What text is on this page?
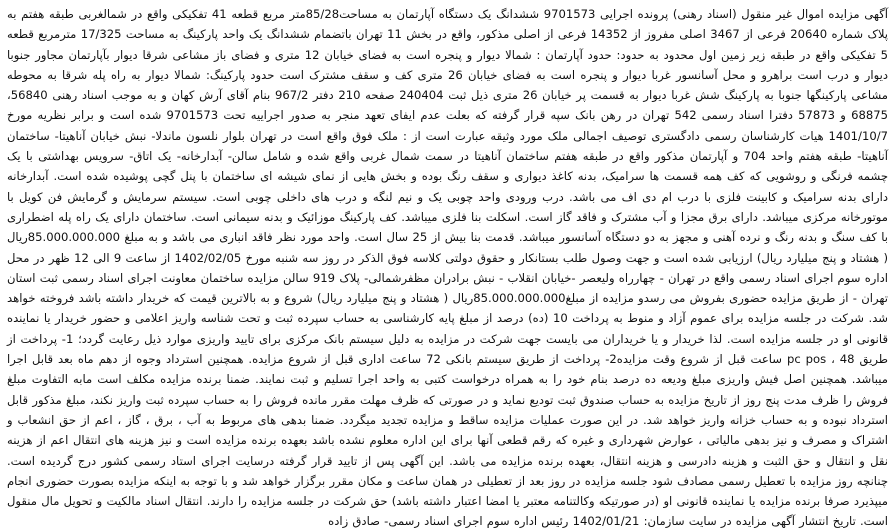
آگهی مزایده اموال غیر منقول (اسناد رهنی) پرونده اجرایی 9701573 ششدانگ یک دستگاه آپارتمان به مساحت85/28متر مربع قطعه 41 تفکیکی واقع در شمالغربی طبقه هفتم به پلاک شماره 20640 فرعی از 3467 اصلی مفروز از 14352 فرعی از اصلی مذکور، واقع در بخش 11 تهران باتضمام ششدانگ یک واحد پارکینگ به مساحت 17/325 مترمربع قطعه 5 تفکیکی واقع در طبقه زیر زمین اول محدود به حدود: حدود آپارتمان : شمالا دیوار و پنجره است به فضای خیابان 12 متری و فضای باز مشاعی شرقا دیوار بآپارتمان مجاور جنوبا دیوار و درب است براهرو و محل آسانسور غربا دیوار و پنجره است به فضای خیابان 26 متری کف و سقف مشترک است حدود پارکینگ: شمالا دیوار به راه پله شرقا به محوطه مشاعی پارکینگها جنوبا به پارکینگ شش غربا دیوار به قسمت پر خیابان 26 متری ذیل ثبت 240404 صفحه 210 دفتر 967/2 بنام آقای آرش کهان و به موجب اسناد رهنی 56840، 68875 و 57873 دفترا اسناد رسمی 542 تهران در رهن بانک سپه قرار گرفته که بعلت عدم ایفای تعهد منجر به صدور اجراییه تحت 9701573 شده است و برابر نظریه مورخ 1401/10/7 هیات کارشناسان رسمی دادگستری توصیف اجمالی ملک مورد وثیقه عبارت است از : ملک فوق واقع است در تهران بلوار نلسون ماندلا- نبش خیابان آناهیتا- ساختمان آناهیتا- طبقه هفتم واحد 704 و آپارتمان مذکور واقع در طبقه هفتم ساختمان آناهیتا در سمت شمال غربی واقع شده و شامل سالن- آبدارخانه- یک اتاق- سرویس بهداشتی با یک چشمه فرنگی و روشویی که کف همه قسمت ها سرامیک، بدنه کاغذ دیواری و سقف رنگ بوده و بخش هایی از نمای شیشه ای ساختمان با پنل گچی پوشیده شده است. آبدارخانه دارای بدنه سرامیک و کابینت فلزی با درب ام دی اف می باشد. درب ورودی واحد چوبی یک و نیم لنگه و درب های داخلی چوبی است. سیستم سرمایش و گرمایش فن کویل با موتورخانه مرکزی میباشد. دارای برق مجزا و آب مشترک و فاقد گاز است. اسکلت بنا فلزی میباشد. کف پارکینگ موزائیک و بدنه سیمانی است. ساختمان دارای یک راه پله اضطراری با کف سنگ و بدنه رنگ و نرده آهنی و مجهز به دو دستگاه آسانسور میباشد. قدمت بنا بیش از 25 سال است. واحد مورد نظر فاقد انباری می باشد و به مبلغ 85.000.000.000ریال ( هشتاد و پنج میلیارد ریال) ارزیابی شده است و جهت وصول طلب بستانکار و حقوق دولتی کلاسه فوق الذکر در روز سه شنبه مورخ 1402/02/05 از ساعت 9 الی 12 ظهر در محل اداره سوم اجرای اسناد رسمی واقع در تهران - چهارراه ولیعصر -خیابان انقلاب - نبش برادران مظفرشمالی- پلاک 919 سالن مزایده ساختمان معاونت اجرای اسناد رسمی ثبت استان تهران - از طریق مزایده حضوری بفروش می رسدو مزایده از مبلغ85.000.000.000ریال ( هشتاد و پنج میلیارد ریال) شروع و به بالاترین قیمت که خریدار داشته باشد فروخته خواهد شد. شرکت در جلسه مزایده برای عموم آزاد و منوط به پرداخت 10 (ده) درصد از مبلغ پایه کارشناسی به حساب سپرده ثبت و تحت شناسه واریز اعلامی و حضور خریدار یا نماینده قانونی او در جلسه مزایده است. لذا خریدار و یا خریداران می بایست جهت شرکت در مزایده به دلیل سیستم بانک مرکزی برای تایید واریزی موارد ذیل رعایت گردد؛ 1- پرداخت از طریق pc pos ، 48 ساعت قبل از شروع وقت مزایده2- پرداخت از طریق سیستم بانکی 72 ساعت اداری قبل از شروع مزایده. همچنین استرداد وجوه از دهم ماه بعد قابل اجرا میباشد. همچنین اصل فیش واریزی مبلغ ودیعه ده درصد بنام خود را به همراه درخواست کتبی به واحد اجرا تسلیم و ثبت نمایند. ضمنا برنده مزایده مکلف است مابه التفاوت مبلغ فروش را ظرف مدت پنج روز از تاریخ مزایده به حساب صندوق ثبت تودیع نماید و در صورتی که ظرف مهلت مقرر مانده فروش را به حساب سپرده ثبت واریز نکند، مبلغ مذکور قابل استرداد نبوده و به حساب خزانه واریز خواهد شد. در این صورت عملیات مزایده ساقط و مزایده تجدید میگردد. ضمنا بدهی های مربوط به آب ، برق ، گاز ، اعم از حق انشعاب و اشتراک و مصرف و نیز بدهی مالیاتی ، عوارض شهرداری و غیره که رقم قطعی آنها برای این اداره معلوم نشده باشد بعهده برنده مزایده است و نیز هزینه های انتقال اعم از هزینه نقل و انتقال و حق الثبت و هزینه دادرسی و هزینه انتقال، بعهده برنده مزایده می باشد. این آگهی پس از تایید قرار گرفته درسایت اجرای استاد رسمی کشور درج گردیده است. چنانچه روز مزایده با تعطیل رسمی مصادف شود جلسه مزایده در روز بعد از تعطیلی در همان ساعت و مکان مقرر برگزار خواهد شد و با توجه به اینکه مزایده بصورت حضوری انجام میپذیرد صرفا برنده مزایده یا نماینده قانونی او (در صورتیکه وکالتنامه معتبر یا امضا اعتبار داشته باشد) حق شرکت در جلسه مزایده را دارند. انتقال اسناد مالکیت و تحویل مال منقول است. تاریخ انتشار آگهی مزایده در سایت سازمان: 1402/01/21 رئیس اداره سوم اجرای اسناد رسمی- صادق زاده
